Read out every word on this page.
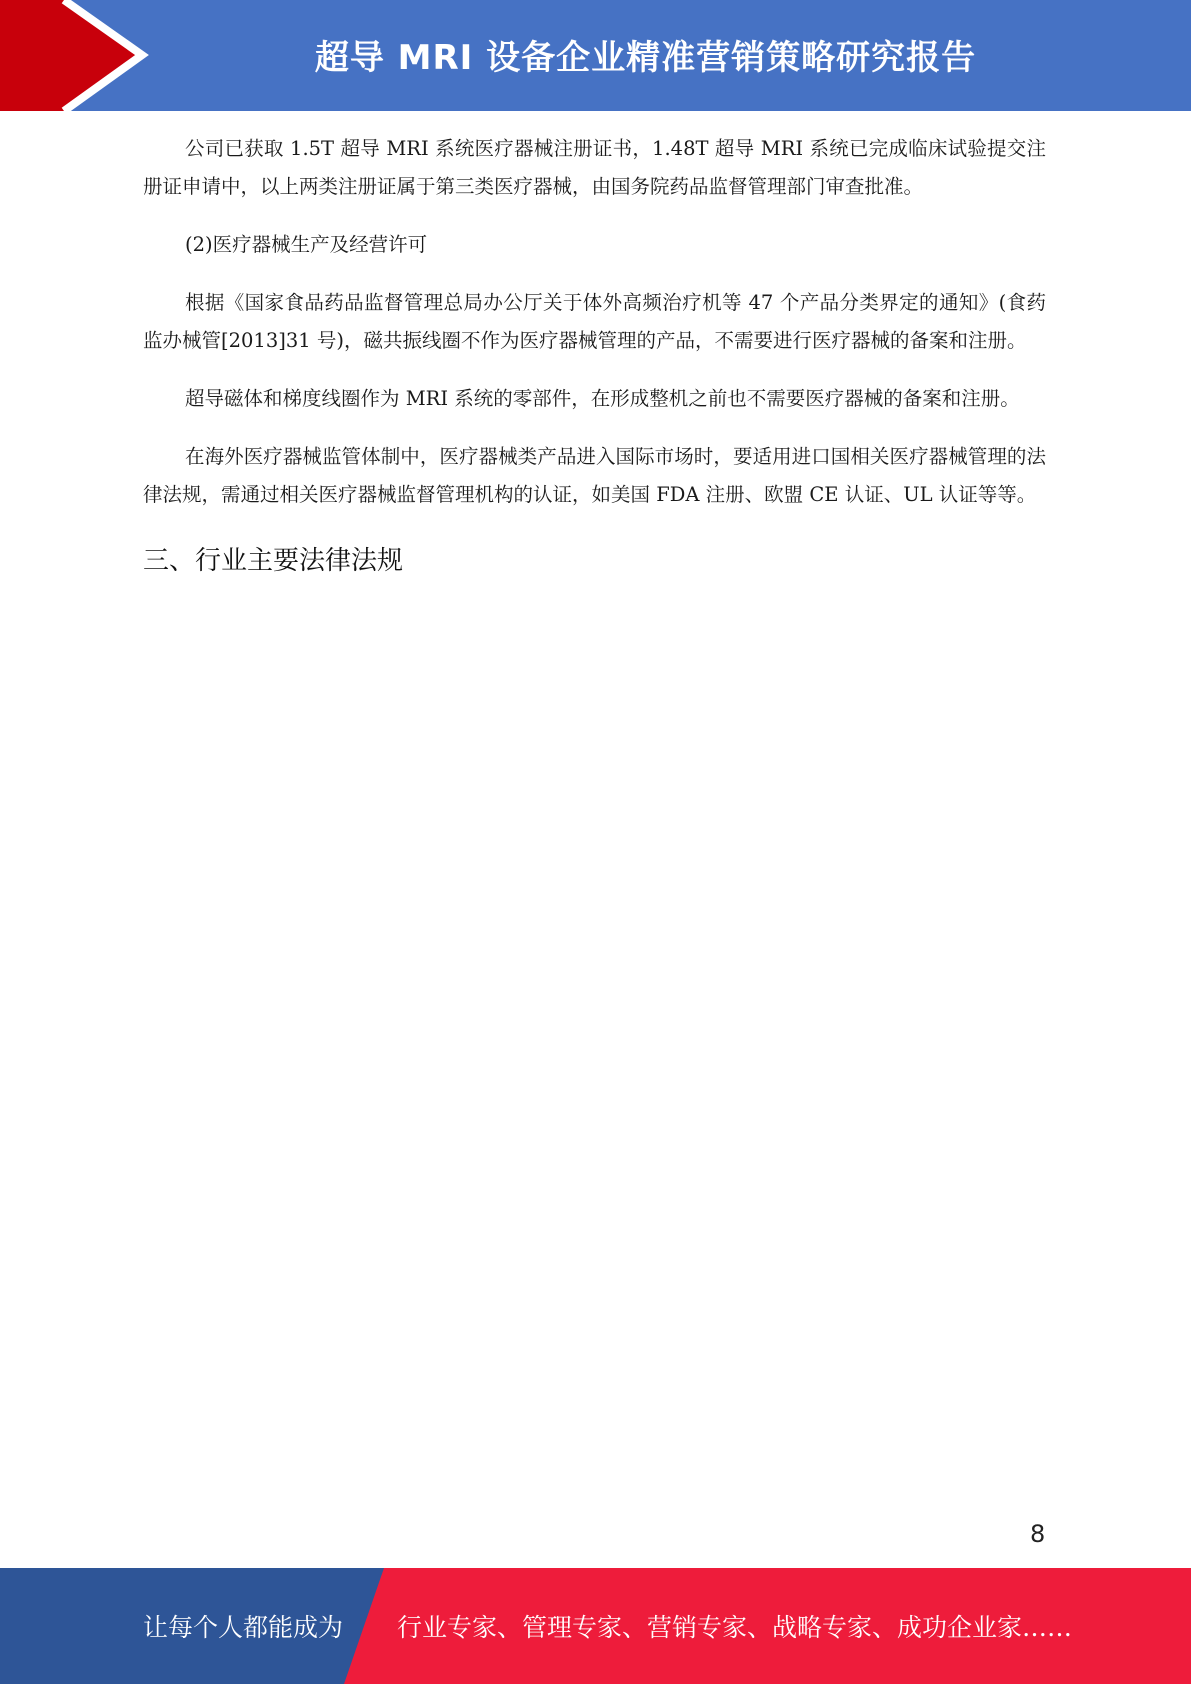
超导 MRI 设备企业精准营销策略研究报告

公司已获取 1.5T 超导 MRI 系统医疗器械注册证书，1.48T 超导 MRI 系统已完成临床试验提交注册证申请中，以上两类注册证属于第三类医疗器械，由国务院药品监督管理部门审查批准。

(2)医疗器械生产及经营许可

根据《国家食品药品监督管理总局办公厅关于体外高频治疗机等 47 个产品分类界定的通知》(食药监办械管[2013]31 号)，磁共振线圈不作为医疗器械管理的产品，不需要进行医疗器械的备案和注册。

超导磁体和梯度线圈作为 MRI 系统的零部件，在形成整机之前也不需要医疗器械的备案和注册。

在海外医疗器械监管体制中，医疗器械类产品进入国际市场时，要适用进口国相关医疗器械管理的法律法规，需通过相关医疗器械监督管理机构的认证，如美国 FDA 注册、欧盟 CE 认证、UL 认证等等。

三、行业主要法律法规
8
让每个人都能成为 行业专家、管理专家、营销专家、战略专家、成功企业家……
